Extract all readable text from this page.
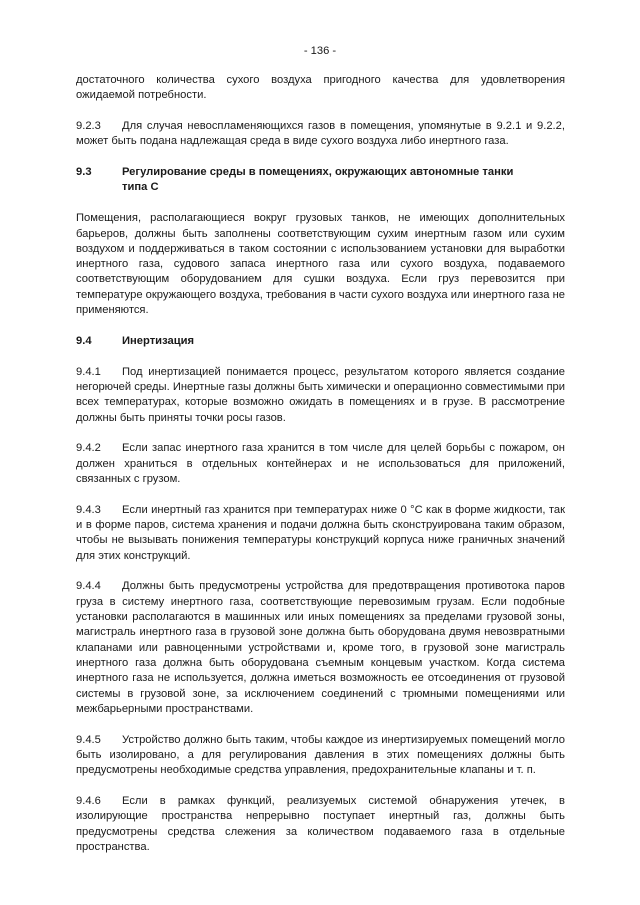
- 136 -

достаточного количества сухого воздуха пригодного качества для удовлетворения ожидаемой потребности.

9.2.3 Для случая невоспламеняющихся газов в помещения, упомянутые в 9.2.1 и 9.2.2, может быть подана надлежащая среда в виде сухого воздуха либо инертного газа.

9.3	Регулирование среды в помещениях, окружающих автономные танки типа C

Помещения, располагающиеся вокруг грузовых танков, не имеющих дополнительных барьеров, должны быть заполнены соответствующим сухим инертным газом или сухим воздухом и поддерживаться в таком состоянии с использованием установки для выработки инертного газа, судового запаса инертного газа или сухого воздуха, подаваемого соответствующим оборудованием для сушки воздуха. Если груз перевозится при температуре окружающего воздуха, требования в части сухого воздуха или инертного газа не применяются.

9.4	Инертизация

9.4.1 Под инертизацией понимается процесс, результатом которого является создание негорючей среды. Инертные газы должны быть химически и операционно совместимыми при всех температурах, которые возможно ожидать в помещениях и в грузе. В рассмотрение должны быть приняты точки росы газов.

9.4.2 Если запас инертного газа хранится в том числе для целей борьбы с пожаром, он должен храниться в отдельных контейнерах и не использоваться для приложений, связанных с грузом.

9.4.3 Если инертный газ хранится при температурах ниже 0 °C как в форме жидкости, так и в форме паров, система хранения и подачи должна быть сконструирована таким образом, чтобы не вызывать понижения температуры конструкций корпуса ниже граничных значений для этих конструкций.

9.4.4 Должны быть предусмотрены устройства для предотвращения противотока паров груза в систему инертного газа, соответствующие перевозимым грузам. Если подобные установки располагаются в машинных или иных помещениях за пределами грузовой зоны, магистраль инертного газа в грузовой зоне должна быть оборудована двумя невозвратными клапанами или равноценными устройствами и, кроме того, в грузовой зоне магистраль инертного газа должна быть оборудована съемным концевым участком. Когда система инертного газа не используется, должна иметься возможность ее отсоединения от грузовой системы в грузовой зоне, за исключением соединений с трюмными помещениями или межбарьерными пространствами.

9.4.5 Устройство должно быть таким, чтобы каждое из инертизируемых помещений могло быть изолировано, а для регулирования давления в этих помещениях должны быть предусмотрены необходимые средства управления, предохранительные клапаны и т. п.

9.4.6 Если в рамках функций, реализуемых системой обнаружения утечек, в изолирующие пространства непрерывно поступает инертный газ, должны быть предусмотрены средства слежения за количеством подаваемого газа в отдельные пространства.
